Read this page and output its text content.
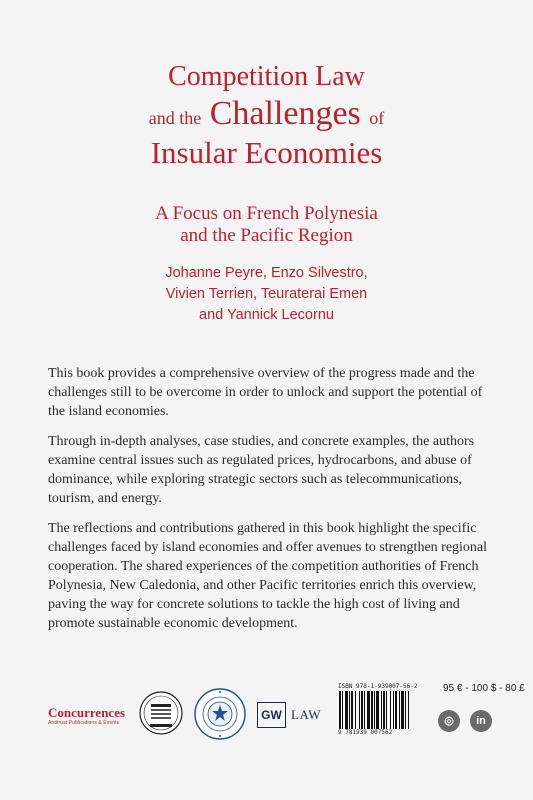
Competition Law
and the Challenges of
Insular Economies
A Focus on French Polynesia
and the Pacific Region
Johanne Peyre, Enzo Silvestro,
Vivien Terrien, Teuraterai Emen
and Yannick Lecornu
This book provides a comprehensive overview of the progress made and the challenges still to be overcome in order to unlock and support the potential of the island economies.
Through in-depth analyses, case studies, and concrete examples, the authors examine central issues such as regulated prices, hydrocarbons, and abuse of dominance, while exploring strategic sectors such as telecommunications, tourism, and energy.
The reflections and contributions gathered in this book highlight the specific challenges faced by island economies and offer avenues to strengthen regional cooperation. The shared experiences of the competition authorities of French Polynesia, New Caledonia, and other Pacific territories enrich this overview, paving the way for concrete solutions to tackle the high cost of living and promote sustainable economic development.
Concurrences
Antitrust Publications & Events
GW LAW
ISBN 978-1-939007-56-2
9 781939 007562
95 € - 100 $ - 80 £
◎	in
